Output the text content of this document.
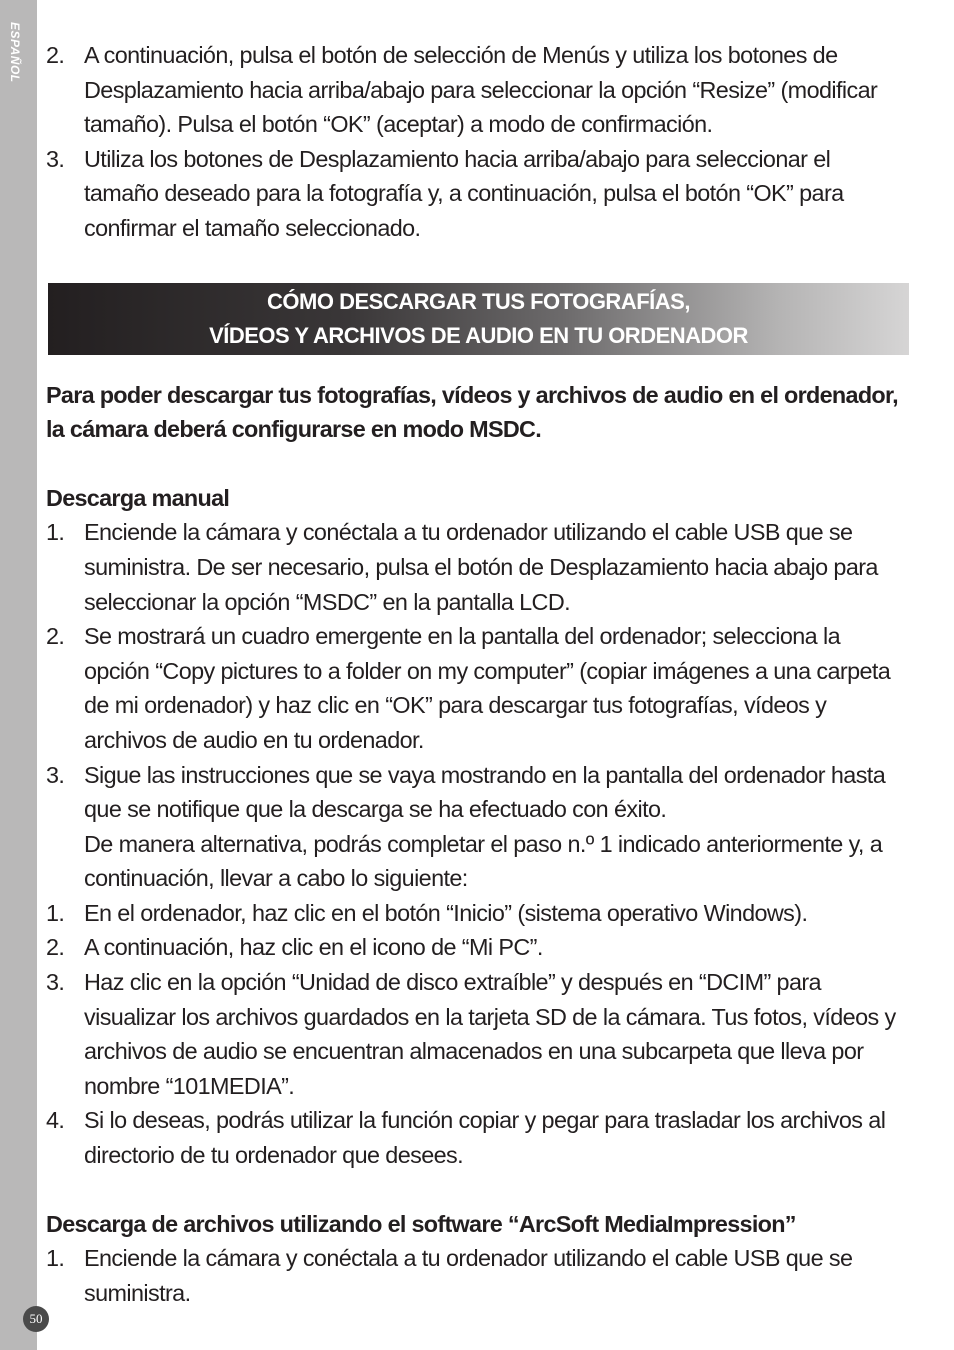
ESPAÑOL
50
2. A continuación, pulsa el botón de selección de Menús y utiliza los botones de Desplazamiento hacia arriba/abajo para seleccionar la opción “Resize” (modificar tamaño). Pulsa el botón “OK” (aceptar) a modo de confirmación.
3. Utiliza los botones de Desplazamiento hacia arriba/abajo para seleccionar el tamaño deseado para la fotografía y, a continuación, pulsa el botón “OK” para confirmar el tamaño seleccionado.
CÓMO DESCARGAR TUS FOTOGRAFÍAS,
VÍDEOS Y ARCHIVOS DE AUDIO EN TU ORDENADOR
Para poder descargar tus fotografías, vídeos y archivos de audio en el ordenador, la cámara deberá configurarse en modo MSDC.
Descarga manual
1. Enciende la cámara y conéctala a tu ordenador utilizando el cable USB que se suministra. De ser necesario, pulsa el botón de Desplazamiento hacia abajo para seleccionar la opción “MSDC” en la pantalla LCD.
2. Se mostrará un cuadro emergente en la pantalla del ordenador; selecciona la opción “Copy pictures to a folder on my computer” (copiar imágenes a una carpeta de mi ordenador) y haz clic en “OK” para descargar tus fotografías, vídeos y archivos de audio en tu ordenador.
3. Sigue las instrucciones que se vaya mostrando en la pantalla del ordenador hasta que se notifique que la descarga se ha efectuado con éxito.
De manera alternativa, podrás completar el paso n.º 1 indicado anteriormente y, a continuación, llevar a cabo lo siguiente:
1. En el ordenador, haz clic en el botón “Inicio” (sistema operativo Windows).
2. A continuación, haz clic en el icono de “Mi PC”.
3. Haz clic en la opción “Unidad de disco extraíble” y después en “DCIM” para visualizar los archivos guardados en la tarjeta SD de la cámara. Tus fotos, vídeos y archivos de audio se encuentran almacenados en una subcarpeta que lleva por nombre “101MEDIA”.
4. Si lo deseas, podrás utilizar la función copiar y pegar para trasladar los archivos al directorio de tu ordenador que desees.
Descarga de archivos utilizando el software “ArcSoft MediaImpression”
1. Enciende la cámara y conéctala a tu ordenador utilizando el cable USB que se suministra.
